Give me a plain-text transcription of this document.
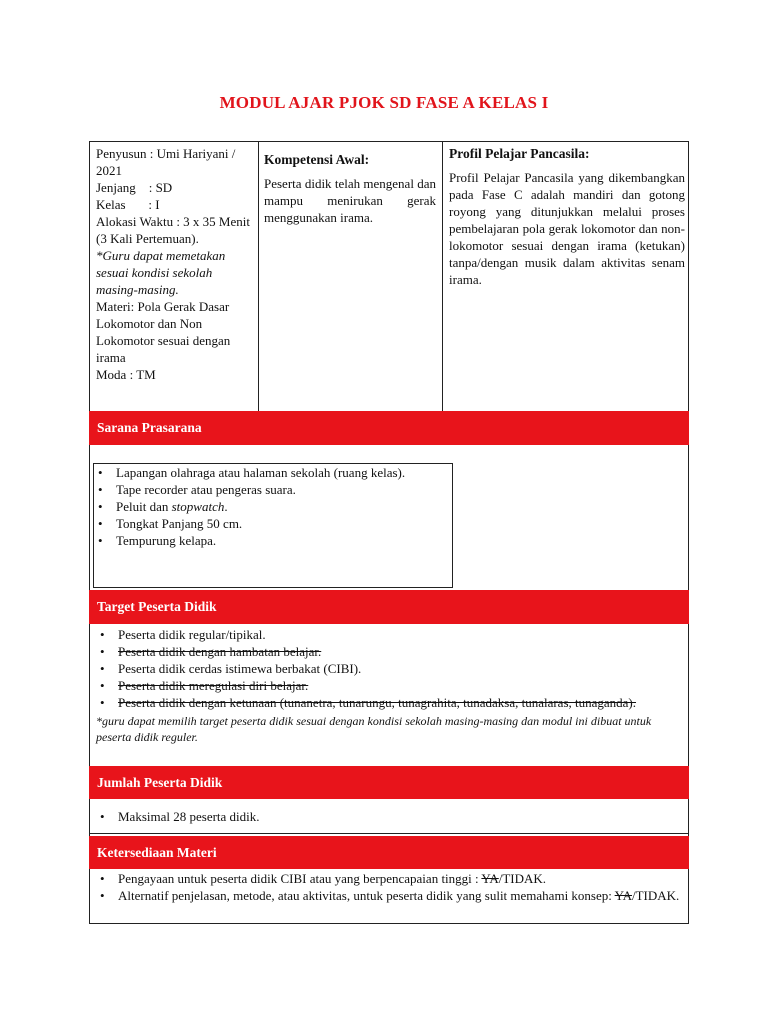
MODUL AJAR PJOK SD FASE A KELAS I
Penyusun : Umi Hariyani / 2021
Jenjang    : SD
Kelas       : I
Alokasi Waktu : 3 x 35 Menit (3 Kali Pertemuan).
*Guru dapat memetakan sesuai kondisi sekolah masing-masing.
Materi: Pola Gerak Dasar Lokomotor dan Non Lokomotor sesuai dengan irama
Moda : TM
Kompetensi Awal:
Peserta didik telah mengenal dan mampu menirukan gerak menggunakan irama.
Profil Pelajar Pancasila:
Profil Pelajar Pancasila yang dikembangkan pada Fase C adalah mandiri dan gotong royong yang ditunjukkan melalui proses pembelajaran pola gerak lokomotor dan non-lokomotor sesuai dengan irama (ketukan) tanpa/dengan musik dalam aktivitas senam irama.
Sarana Prasarana
• Lapangan olahraga atau halaman sekolah (ruang kelas).
• Tape recorder atau pengeras suara.
• Peluit dan stopwatch.
• Tongkat Panjang 50 cm.
• Tempurung kelapa.
Target Peserta Didik
• Peserta didik regular/tipikal.
• Peserta didik dengan hambatan belajar.
• Peserta didik cerdas istimewa berbakat (CIBI).
• Peserta didik meregulasi diri belajar.
• Peserta didik dengan ketunaan (tunanetra, tunarungu, tunagrahita, tunadaksa, tunalaras, tunaganda).
*guru dapat memilih target peserta didik sesuai dengan kondisi sekolah masing-masing dan modul ini dibuat untuk peserta didik reguler.
Jumlah Peserta Didik
• Maksimal 28 peserta didik.
Ketersediaan Materi
• Pengayaan untuk peserta didik CIBI atau yang berpencapaian tinggi : YA/TIDAK.
• Alternatif penjelasan, metode, atau aktivitas, untuk peserta didik yang sulit memahami konsep: YA/TIDAK.
